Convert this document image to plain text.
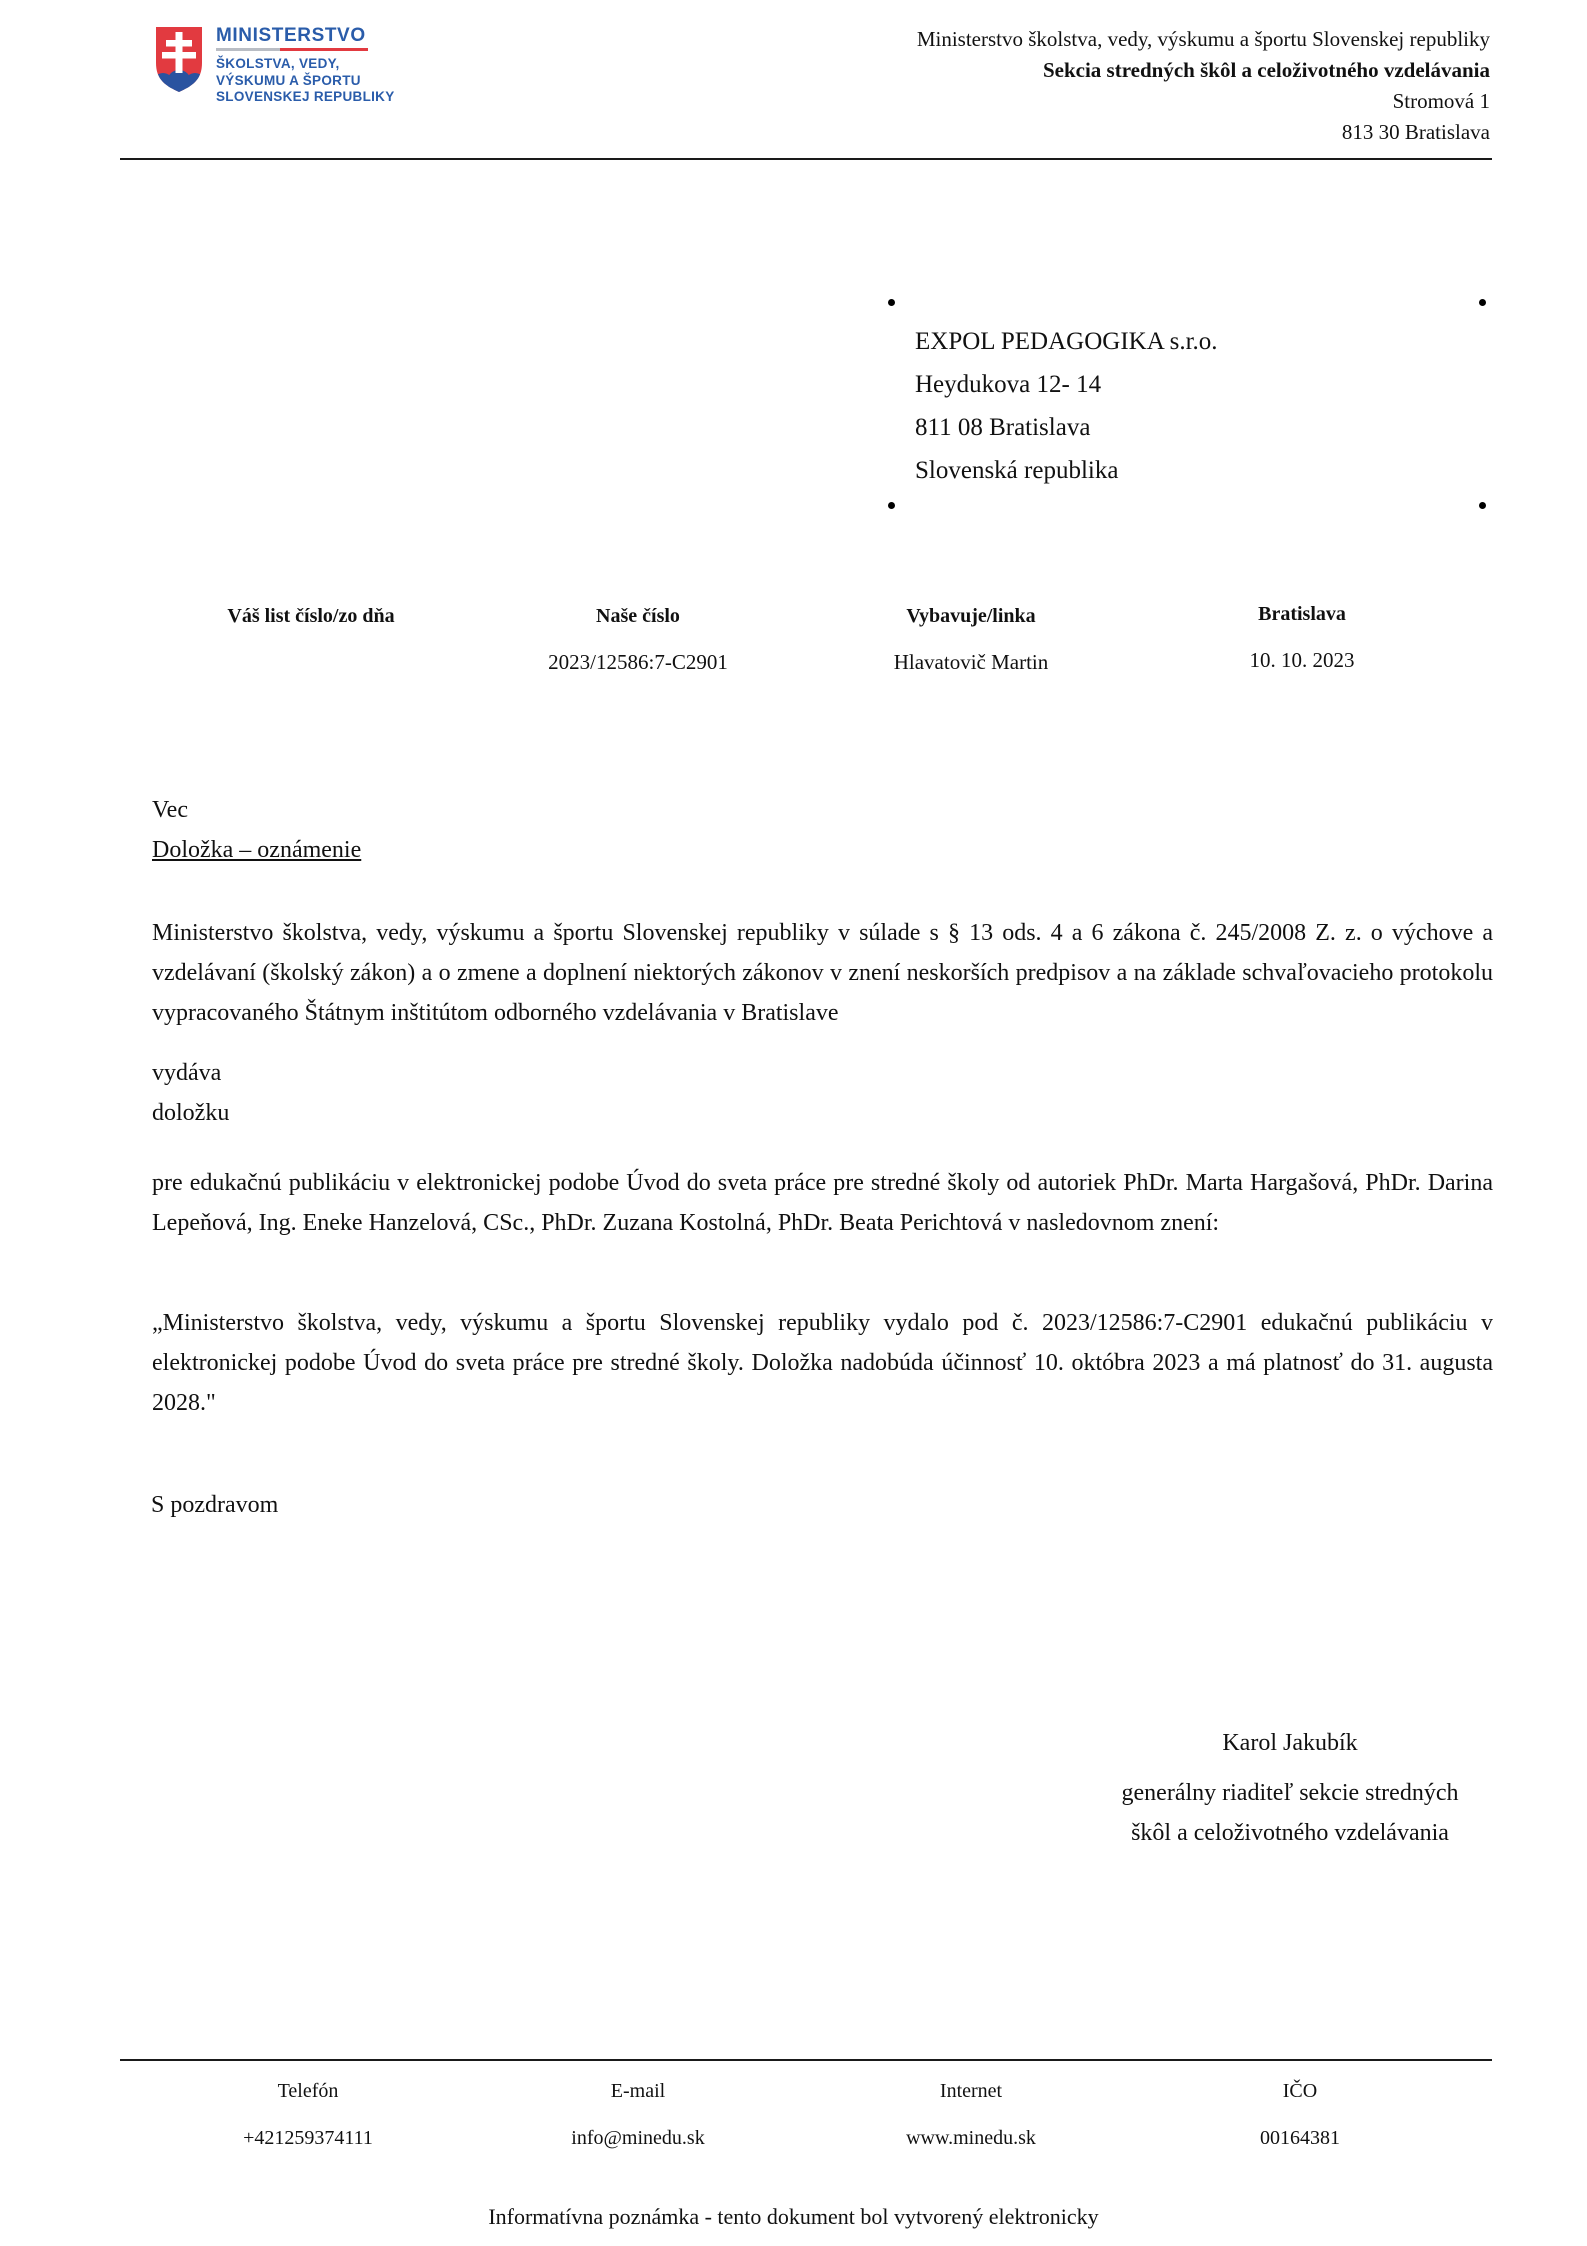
MINISTERSTVO
ŠKOLSTVA, VEDY,
VÝSKUMU A ŠPORTU
SLOVENSKEJ REPUBLIKY
Ministerstvo školstva, vedy, výskumu a športu Slovenskej republiky
Sekcia stredných škôl a celoživotného vzdelávania
Stromová 1
813 30 Bratislava
EXPOL PEDAGOGIKA s.r.o.
Heydukova 12- 14
811 08 Bratislava
Slovenská republika
Váš list číslo/zo dňa	Naše číslo
2023/12586:7-C2901
Vybavuje/linka
Hlavatovič Martin
Bratislava
10. 10. 2023
Vec
Doložka – oznámenie
Ministerstvo školstva, vedy, výskumu a športu Slovenskej republiky v súlade s § 13 ods. 4 a 6 zákona č. 245/2008 Z. z. o výchove a vzdelávaní (školský zákon) a o zmene a doplnení niektorých zákonov v znení neskorších predpisov a na základe schvaľovacieho protokolu vypracovaného Štátnym inštitútom odborného vzdelávania v Bratislave
vydáva
doložku
pre edukačnú publikáciu v elektronickej podobe Úvod do sveta práce pre stredné školy od autoriek PhDr. Marta Hargašová, PhDr. Darina Lepeňová, Ing. Eneke Hanzelová, CSc., PhDr. Zuzana Kostolná, PhDr. Beata Perichtová v nasledovnom znení:
„Ministerstvo školstva, vedy, výskumu a športu Slovenskej republiky vydalo pod č. 2023/12586:7-C2901 edukačnú publikáciu v elektronickej podobe Úvod do sveta práce pre stredné školy. Doložka nadobúda účinnosť 10. októbra 2023 a má platnosť do 31. augusta 2028."
S pozdravom
Karol Jakubík
generálny riaditeľ sekcie stredných
škôl a celoživotného vzdelávania
Telefón
+421259374111
E-mail
info@minedu.sk
Internet
www.minedu.sk
IČO
00164381
Informatívna poznámka - tento dokument bol vytvorený elektronicky
